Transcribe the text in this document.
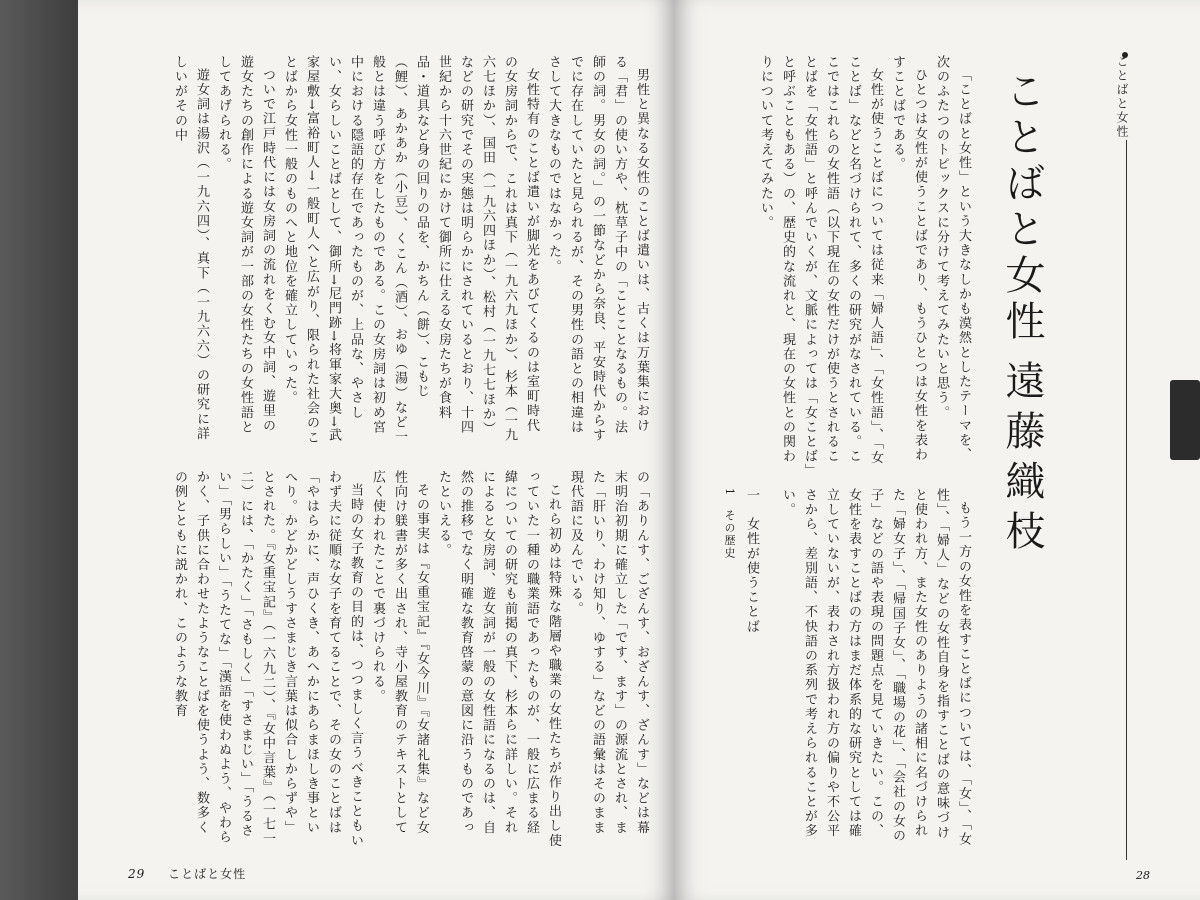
男性と異なる女性のことば遣いは、古くは万葉集における「君」の使い方や、枕草子中の「ことことなるもの。法師の詞。男女の詞。」の一節などから奈良、平安時代からすでに存在していたと見られるが、その男性の語との相違はさして大きなものではなかった。

女性特有のことば遣いが脚光をあびてくるのは室町時代の女房詞からで、これは真下（一九六九ほか）、杉本（一九六七ほか）、国田（一九六四ほか）、松村（一九七七ほか）などの研究でその実態は明らかにされているとおり、十四世紀から十六世紀にかけて御所に仕える女房たちが食料品・道具など身の回りの品を、かちん（餅）、こもじ（鯉）、あかあか（小豆）、くこん（酒）、おゆ（湯）など一般とは違う呼び方をしたものである。この女房詞は初め宮中における隠語的存在であったものが、上品な、やさしい、女らしいことばとして、御所→尼門跡→将軍家大奥→武家屋敷→富裕町人→一般町人へと広がり、限られた社会のことばから女性一般のものへと地位を確立していった。

ついで江戸時代には女房詞の流れをくむ女中詞、遊里の遊女たちの創作による遊女詞が一部の女性たちの女性語としてあげられる。

遊女詞は湯沢（一九六四）、真下（一九六六）の研究に詳しいがその中

の「ありんす、ござんす、おざんす、ざんす」などは幕末明治初期に確立した「です、ます」の源流とされ、また「肝いり、わけ知り、ゆする」などの語彙はそのまま現代語に及んでいる。

これら初めは特殊な階層や職業の女性たちが作り出し使っていた一種の職業語であったものが、一般に広まる経緯についての研究も前掲の真下、杉本らに詳しい。それによると女房詞、遊女詞が一般の女性語になるのは、自然の推移でなく明確な教育啓蒙の意図に沿うものであったといえる。

その事実は『女重宝記』『女今川』『女諸礼集』など女性向け躾書が多く出され、寺小屋教育のテキストとして広く使われたことで裏づけられる。

当時の女子教育の目的は、つつましく言うべきこともいわず夫に従順な女子を育てることで、その女のことばは「やはらかに、声ひくき、あへかにあらまほしき事といへり。かどかどしうすさまじき言葉は似合しからずや」とされた。『女重宝記』（一六九二）、『女中言葉』（一七一二）には、「かたく」「さもしく」「すさまじい」「うるさい」「男らしい」「うたてな」「漢語を使わぬよう、やわらかく、子供に合わせたようなことばを使うよう、数多くの例とともに説かれ、このような教育

29 ことばと女性

「ことばと女性」という大きなしかも漠然としたテーマを、次のふたつのトピックスに分けて考えてみたいと思う。

ひとつは女性が使うことばであり、もうひとつは女性を表わすことばである。

女性が使うことばについては従来「婦人語」、「女性語」、「女ことば」などと名づけられて、多くの研究がなされている。ここではこれらの女性語（以下現在の女性だけが使うとされることばを「女性語」と呼んでいくが、文脈によっては「女ことば」と呼ぶこともある）の、歴史的な流れと、現在の女性との関わりについて考えてみたい。

もう一方の女性を表すことばについては、「女」、「女性」、「婦人」などの女性自身を指すことばの意味づけと使われ方、また女性のありようの諸相に名づけられた「婦女子」、「帰国子女」、「職場の花」、「会社の女の子」などの語や表現の問題点を見ていきたい。この、女性を表すことばの方はまだ体系的な研究としては確立していないが、表わされ方扱われ方の偏りや不公平さから、差別語、不快語の系列で考えられることが多い。

一　女性が使うことば

1　その歴史

ことばと女性
遠藤織枝
ことばと女性
28
